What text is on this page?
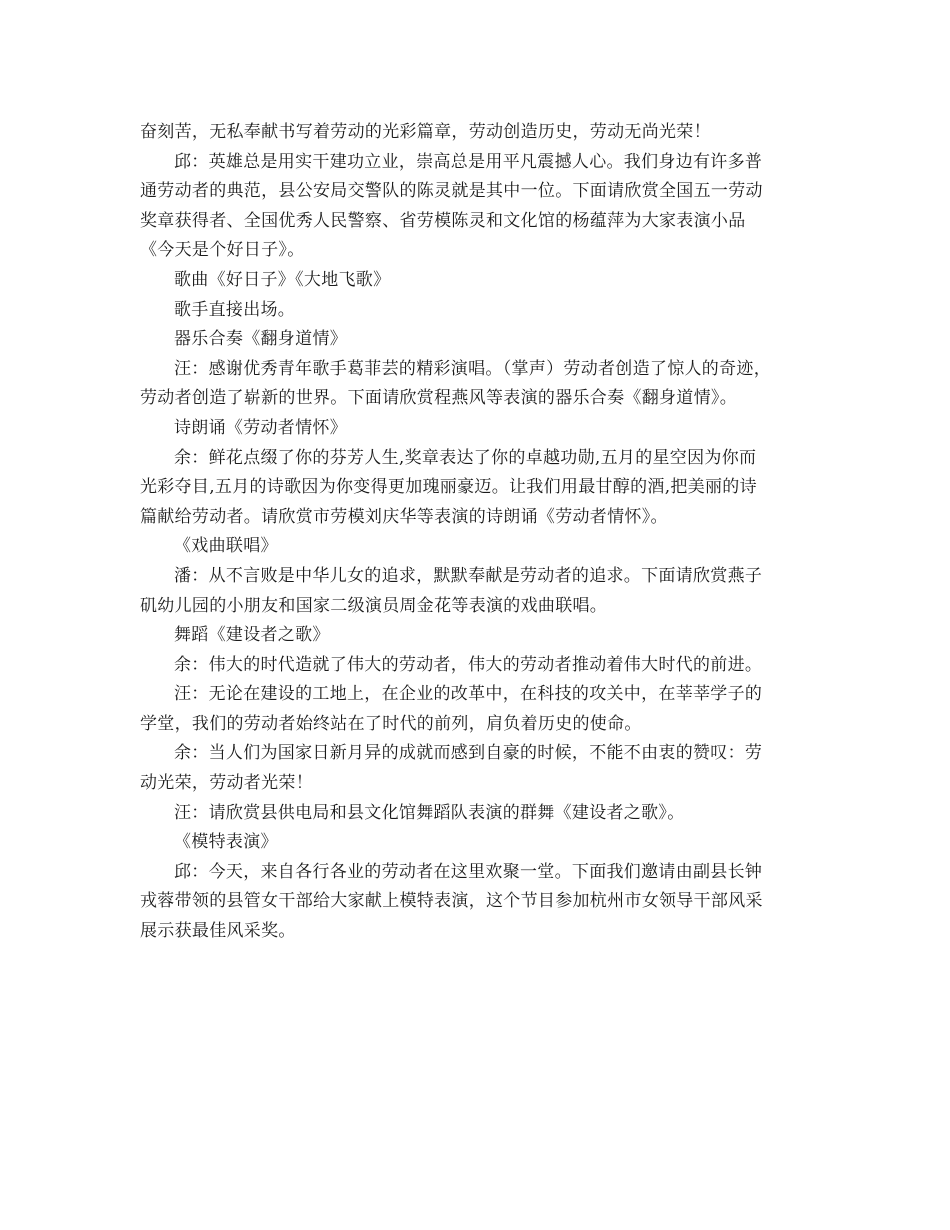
奋刻苦，无私奉献书写着劳动的光彩篇章，劳动创造历史，劳动无尚光荣！
邱：英雄总是用实干建功立业，崇高总是用平凡震撼人心。我们身边有许多普
通劳动者的典范，县公安局交警队的陈灵就是其中一位。下面请欣赏全国五一劳动
奖章获得者、全国优秀人民警察、省劳模陈灵和文化馆的杨蕴萍为大家表演小品
《今天是个好日子》。
歌曲《好日子》《大地飞歌》
歌手直接出场。
器乐合奏《翻身道情》
汪：感谢优秀青年歌手葛菲芸的精彩演唱。（掌声）劳动者创造了惊人的奇迹，
劳动者创造了崭新的世界。下面请欣赏程燕风等表演的器乐合奏《翻身道情》。
诗朗诵《劳动者情怀》
余：鲜花点缀了你的芬芳人生,奖章表达了你的卓越功勋,五月的星空因为你而
光彩夺目,五月的诗歌因为你变得更加瑰丽豪迈。让我们用最甘醇的酒,把美丽的诗
篇献给劳动者。请欣赏市劳模刘庆华等表演的诗朗诵《劳动者情怀》。
《戏曲联唱》
潘：从不言败是中华儿女的追求，默默奉献是劳动者的追求。下面请欣赏燕子
矶幼儿园的小朋友和国家二级演员周金花等表演的戏曲联唱。
舞蹈《建设者之歌》
余：伟大的时代造就了伟大的劳动者，伟大的劳动者推动着伟大时代的前进。
汪：无论在建设的工地上，在企业的改革中，在科技的攻关中，在莘莘学子的
学堂，我们的劳动者始终站在了时代的前列，肩负着历史的使命。
余：当人们为国家日新月异的成就而感到自豪的时候，不能不由衷的赞叹：劳
动光荣，劳动者光荣！
汪：请欣赏县供电局和县文化馆舞蹈队表演的群舞《建设者之歌》。
《模特表演》
邱：今天，来自各行各业的劳动者在这里欢聚一堂。下面我们邀请由副县长钟
戎蓉带领的县管女干部给大家献上模特表演，这个节目参加杭州市女领导干部风采
展示获最佳风采奖。
